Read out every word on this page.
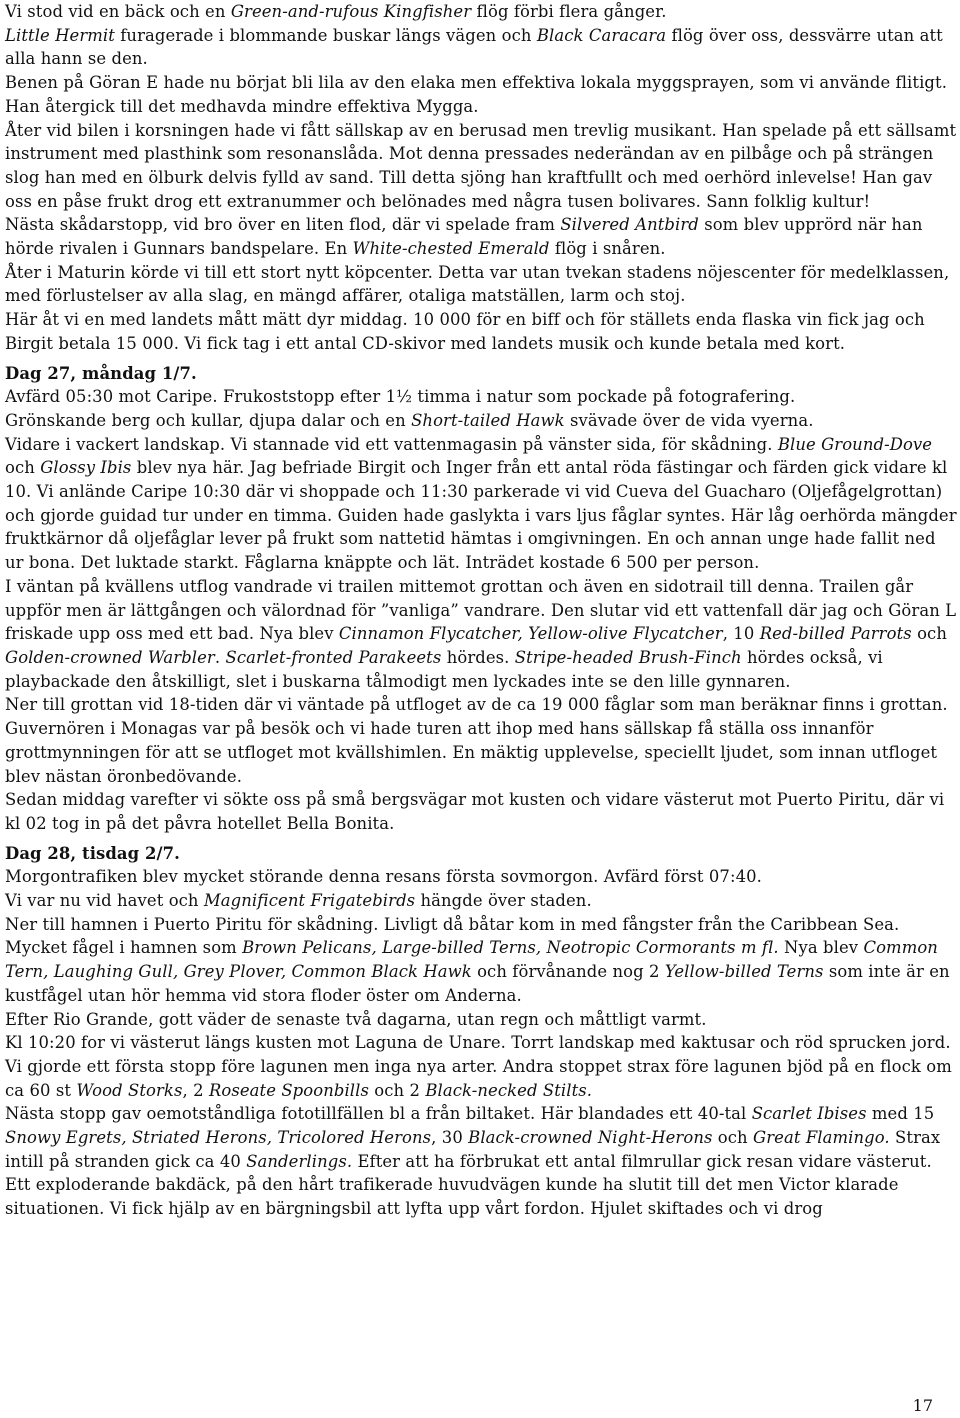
Vi stod vid en bäck och en Green-and-rufous Kingfisher flög förbi flera gånger.

Little Hermit furagerade i blommande buskar längs vägen och Black Caracara flög över oss, dessvärre utan att alla hann se den.

Benen på Göran E hade nu börjat bli lila av den elaka men effektiva lokala myggsprayen, som vi använde flitigt. Han återgick till det medhavda mindre effektiva Mygga.

Åter vid bilen i korsningen hade vi fått sällskap av en berusad men trevlig musikant. Han spelade på ett sällsamt instrument med plasthink som resonanslåda. Mot denna pressades nederändan av en pilbåge och på strängen slog han med en ölburk delvis fylld av sand. Till detta sjöng han kraftfullt och med oerhörd inlevelse! Han gav oss en påse frukt drog ett extranummer och belönades med några tusen bolivares. Sann folklig kultur!

Nästa skådarstopp, vid bro över en liten flod, där vi spelade fram Silvered Antbird som blev upprörd när han hörde rivalen i Gunnars bandspelare. En White-chested Emerald flög i snåren.

Åter i Maturin körde vi till ett stort nytt köpcenter. Detta var utan tvekan stadens nöjescenter för medelklassen, med förlustelser av alla slag, en mängd affärer, otaliga matställen, larm och stoj.

Här åt vi en med landets mått mätt dyr middag. 10 000 för en biff och för ställets enda flaska vin fick jag och Birgit betala 15 000. Vi fick tag i ett antal CD-skivor med landets musik och kunde betala med kort.

Dag 27, måndag 1/7.

Avfärd 05:30 mot Caripe. Frukoststopp efter 1½ timma i natur som pockade på fotografering.

Grönskande berg och kullar, djupa dalar och en Short-tailed Hawk svävade över de vida vyerna.

Vidare i vackert landskap. Vi stannade vid ett vattenmagasin på vänster sida, för skådning. Blue Ground-Dove och Glossy Ibis blev nya här. Jag befriade Birgit och Inger från ett antal röda fästingar och färden gick vidare kl 10. Vi anlände Caripe 10:30 där vi shoppade och 11:30 parkerade vi vid Cueva del Guacharo (Oljefågelgrottan) och gjorde guidad tur under en timma. Guiden hade gaslykta i vars ljus fåglar syntes. Här låg oerhörda mängder fruktkärnor då oljefåglar lever på frukt som nattetid hämtas i omgivningen. En och annan unge hade fallit ned ur bona. Det luktade starkt. Fåglarna knäppte och lät. Inträdet kostade 6 500 per person.

I väntan på kvällens utflog vandrade vi trailen mittemot grottan och även en sidotrail till denna. Trailen går uppför men är lättgången och välordnad för ”vanliga” vandrare. Den slutar vid ett vattenfall där jag och Göran L friskade upp oss med ett bad. Nya blev Cinnamon Flycatcher, Yellow-olive Flycatcher, 10 Red-billed Parrots och Golden-crowned Warbler. Scarlet-fronted Parakeets hördes. Stripe-headed Brush-Finch hördes också, vi playbackade den åtskilligt, slet i buskarna tålmodigt men lyckades inte se den lille gynnaren.

Ner till grottan vid 18-tiden där vi väntade på utfloget av de ca 19 000 fåglar som man beräknar finns i grottan. Guvernören i Monagas var på besök och vi hade turen att ihop med hans sällskap få ställa oss innanför grottmynningen för att se utfloget mot kvällshimlen. En mäktig upplevelse, speciellt ljudet, som innan utfloget blev nästan öronbedövande.

Sedan middag varefter vi sökte oss på små bergsvägar mot kusten och vidare västerut mot Puerto Piritu, där vi kl 02 tog in på det påvra hotellet Bella Bonita.

Dag 28, tisdag 2/7.

Morgontrafiken blev mycket störande denna resans första sovmorgon. Avfärd först 07:40.

Vi var nu vid havet och Magnificent Frigatebirds hängde över staden.

Ner till hamnen i Puerto Piritu för skådning. Livligt då båtar kom in med fångster från the Caribbean Sea. Mycket fågel i hamnen som Brown Pelicans, Large-billed Terns, Neotropic Cormorants m fl. Nya blev Common Tern, Laughing Gull, Grey Plover, Common Black Hawk och förvånande nog 2 Yellow-billed Terns som inte är en kustfågel utan hör hemma vid stora floder öster om Anderna.

Efter Rio Grande, gott väder de senaste två dagarna, utan regn och måttligt varmt.

Kl 10:20 for vi västerut längs kusten mot Laguna de Unare. Torrt landskap med kaktusar och röd sprucken jord. Vi gjorde ett första stopp före lagunen men inga nya arter. Andra stoppet strax före lagunen bjöd på en flock om ca 60 st Wood Storks, 2 Roseate Spoonbills och 2 Black-necked Stilts.

Nästa stopp gav oemotståndliga fototillfällen bl a från biltaket. Här blandades ett 40-tal Scarlet Ibises med 15 Snowy Egrets, Striated Herons, Tricolored Herons, 30 Black-crowned Night-Herons och Great Flamingo. Strax intill på stranden gick ca 40 Sanderlings. Efter att ha förbrukat ett antal filmrullar gick resan vidare västerut.

Ett exploderande bakdäck, på den hårt trafikerade huvudvägen kunde ha slutit till det men Victor klarade situationen. Vi fick hjälp av en bärgningsbil att lyfta upp vårt fordon. Hjulet skiftades och vi drog

17
